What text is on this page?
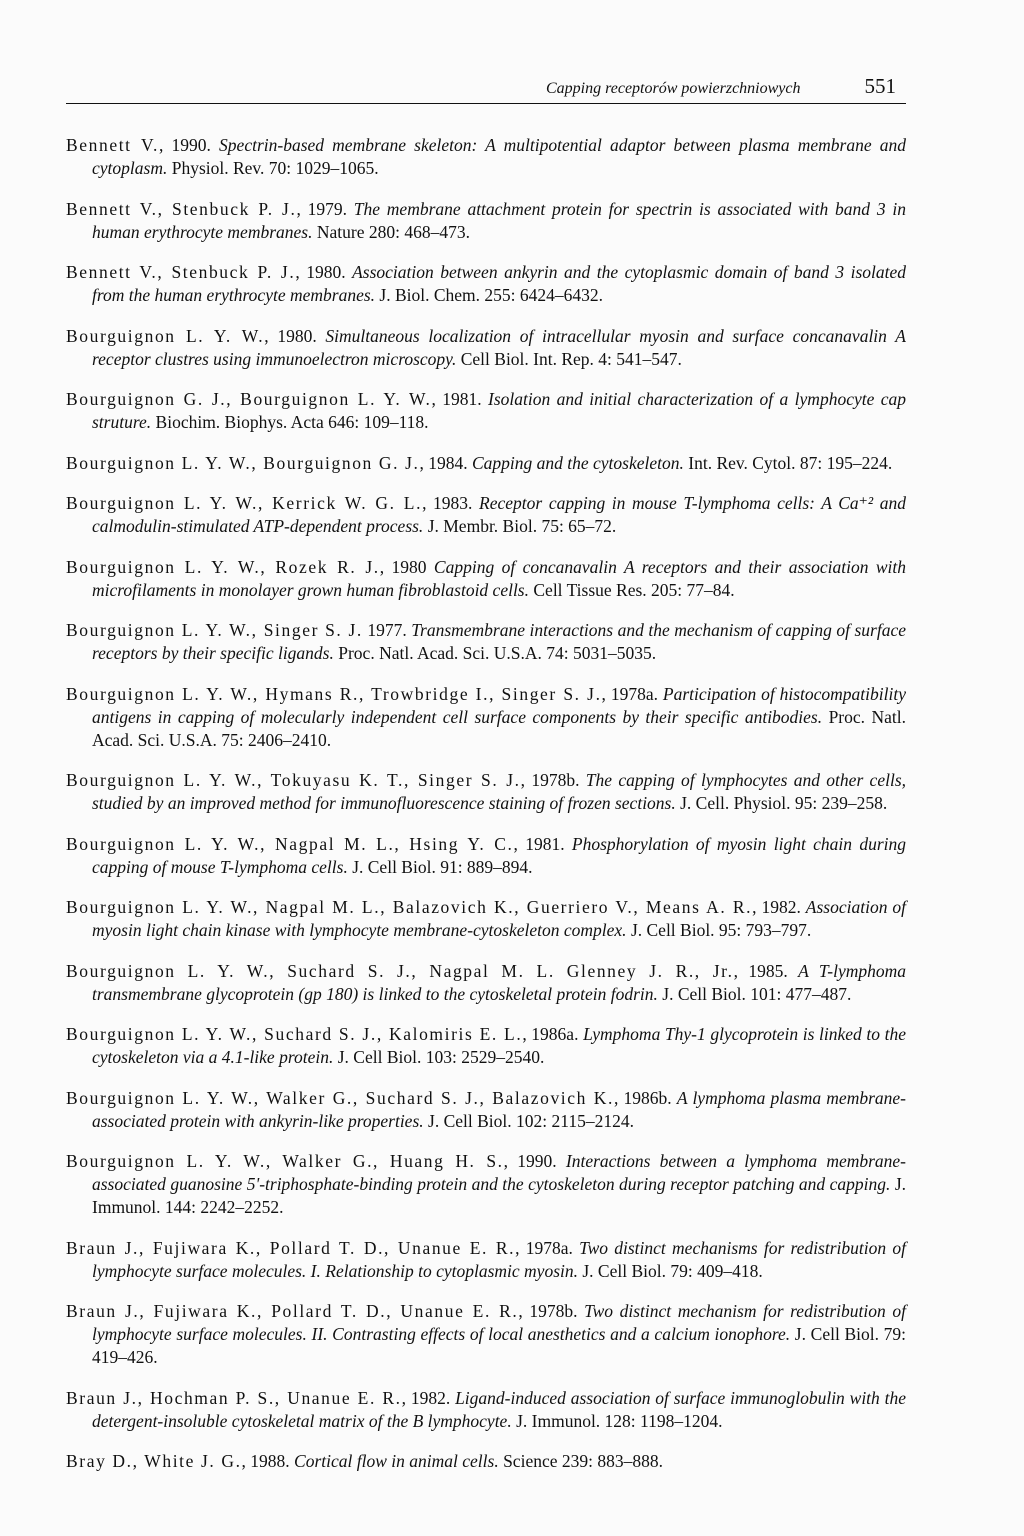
Capping receptorów powierzchniowych	551

Bennett V., 1990. Spectrin-based membrane skeleton: A multipotential adaptor between plasma membrane and cytoplasm. Physiol. Rev. 70: 1029–1065.

Bennett V., Stenbuck P. J., 1979. The membrane attachment protein for spectrin is associated with band 3 in human erythrocyte membranes. Nature 280: 468–473.

Bennett V., Stenbuck P. J., 1980. Association between ankyrin and the cytoplasmic domain of band 3 isolated from the human erythrocyte membranes. J. Biol. Chem. 255: 6424–6432.

Bourguignon L. Y. W., 1980. Simultaneous localization of intracellular myosin and surface concanavalin A receptor clustres using immunoelectron microscopy. Cell Biol. Int. Rep. 4: 541–547.

Bourguignon G. J., Bourguignon L. Y. W., 1981. Isolation and initial characterization of a lymphocyte cap struture. Biochim. Biophys. Acta 646: 109–118.

Bourguignon L. Y. W., Bourguignon G. J., 1984. Capping and the cytoskeleton. Int. Rev. Cytol. 87: 195–224.

Bourguignon L. Y. W., Kerrick W. G. L., 1983. Receptor capping in mouse T-lymphoma cells: A Ca⁺² and calmodulin-stimulated ATP-dependent process. J. Membr. Biol. 75: 65–72.

Bourguignon L. Y. W., Rozek R. J., 1980 Capping of concanavalin A receptors and their association with microfilaments in monolayer grown human fibroblastoid cells. Cell Tissue Res. 205: 77–84.

Bourguignon L. Y. W., Singer S. J. 1977. Transmembrane interactions and the mechanism of capping of surface receptors by their specific ligands. Proc. Natl. Acad. Sci. U.S.A. 74: 5031–5035.

Bourguignon L. Y. W., Hymans R., Trowbridge I., Singer S. J., 1978a. Participation of histocompatibility antigens in capping of molecularly independent cell surface components by their specific antibodies. Proc. Natl. Acad. Sci. U.S.A. 75: 2406–2410.

Bourguignon L. Y. W., Tokuyasu K. T., Singer S. J., 1978b. The capping of lymphocytes and other cells, studied by an improved method for immunofluorescence staining of frozen sections. J. Cell. Physiol. 95: 239–258.

Bourguignon L. Y. W., Nagpal M. L., Hsing Y. C., 1981. Phosphorylation of myosin light chain during capping of mouse T-lymphoma cells. J. Cell Biol. 91: 889–894.

Bourguignon L. Y. W., Nagpal M. L., Balazovich K., Guerriero V., Means A. R., 1982. Association of myosin light chain kinase with lymphocyte membrane-cytoskeleton complex. J. Cell Biol. 95: 793–797.

Bourguignon L. Y. W., Suchard S. J., Nagpal M. L. Glenney J. R., Jr., 1985. A T-lymphoma transmembrane glycoprotein (gp 180) is linked to the cytoskeletal protein fodrin. J. Cell Biol. 101: 477–487.

Bourguignon L. Y. W., Suchard S. J., Kalomiris E. L., 1986a. Lymphoma Thy-1 glycoprotein is linked to the cytoskeleton via a 4.1-like protein. J. Cell Biol. 103: 2529–2540.

Bourguignon L. Y. W., Walker G., Suchard S. J., Balazovich K., 1986b. A lymphoma plasma membrane-associated protein with ankyrin-like properties. J. Cell Biol. 102: 2115–2124.

Bourguignon L. Y. W., Walker G., Huang H. S., 1990. Interactions between a lymphoma membrane-associated guanosine 5'-triphosphate-binding protein and the cytoskeleton during receptor patching and capping. J. Immunol. 144: 2242–2252.

Braun J., Fujiwara K., Pollard T. D., Unanue E. R., 1978a. Two distinct mechanisms for redistribution of lymphocyte surface molecules. I. Relationship to cytoplasmic myosin. J. Cell Biol. 79: 409–418.

Braun J., Fujiwara K., Pollard T. D., Unanue E. R., 1978b. Two distinct mechanism for redistribution of lymphocyte surface molecules. II. Contrasting effects of local anesthetics and a calcium ionophore. J. Cell Biol. 79: 419–426.

Braun J., Hochman P. S., Unanue E. R., 1982. Ligand-induced association of surface immunoglobulin with the detergent-insoluble cytoskeletal matrix of the B lymphocyte. J. Immunol. 128: 1198–1204.

Bray D., White J. G., 1988. Cortical flow in animal cells. Science 239: 883–888.
